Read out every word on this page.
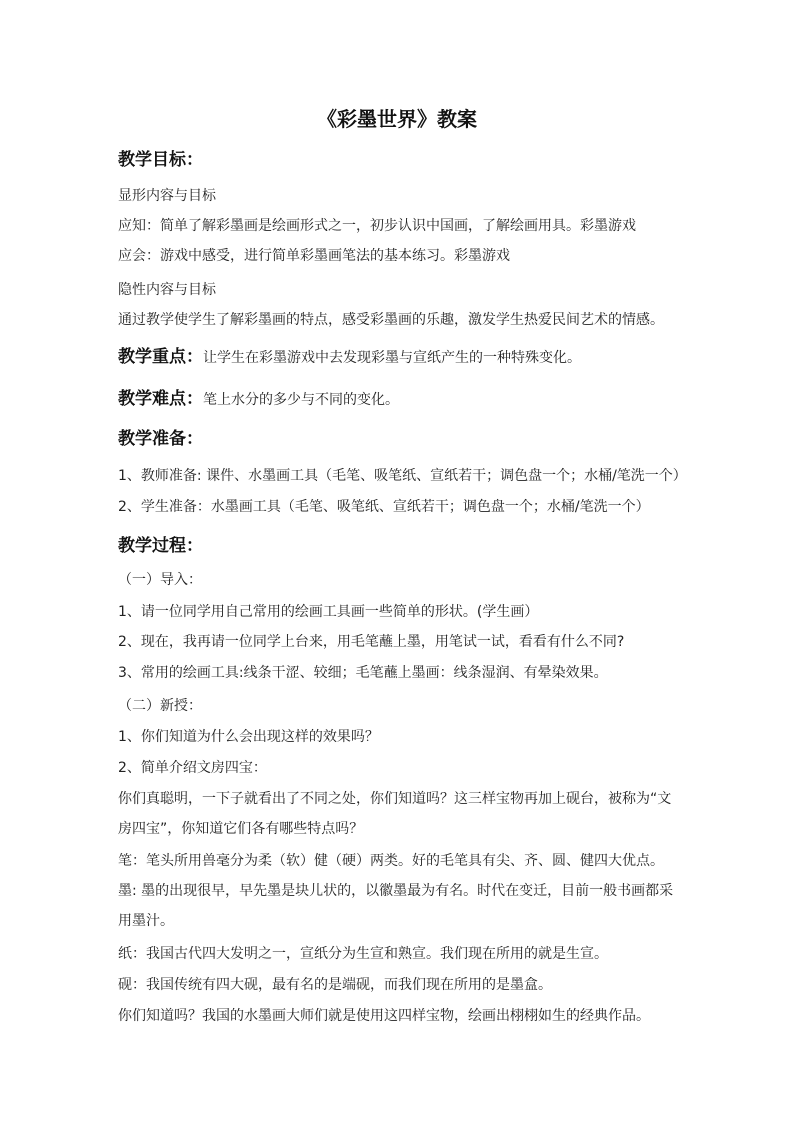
《彩墨世界》教案
教学目标：
显形内容与目标
应知：简单了解彩墨画是绘画形式之一，初步认识中国画，了解绘画用具。彩墨游戏
应会：游戏中感受，进行简单彩墨画笔法的基本练习。彩墨游戏
隐性内容与目标
通过教学使学生了解彩墨画的特点，感受彩墨画的乐趣，激发学生热爱民间艺术的情感。
教学重点：让学生在彩墨游戏中去发现彩墨与宣纸产生的一种特殊变化。
教学难点：笔上水分的多少与不同的变化。
教学准备：
1、教师准备: 课件、水墨画工具（毛笔、吸笔纸、宣纸若干；调色盘一个；水桶/笔洗一个）
2、学生准备：水墨画工具（毛笔、吸笔纸、宣纸若干；调色盘一个；水桶/笔洗一个）
教学过程：
（一）导入：
1、请一位同学用自己常用的绘画工具画一些简单的形状。(学生画）
2、现在，我再请一位同学上台来，用毛笔蘸上墨，用笔试一试，看看有什么不同?
3、常用的绘画工具:线条干涩、较细；毛笔蘸上墨画：线条湿润、有晕染效果。
（二）新授：
1、你们知道为什么会出现这样的效果吗？
2、简单介绍文房四宝：
你们真聪明，一下子就看出了不同之处，你们知道吗？这三样宝物再加上砚台，被称为“文
房四宝”，你知道它们各有哪些特点吗？
笔：笔头所用兽毫分为柔（软）健（硬）两类。好的毛笔具有尖、齐、圆、健四大优点。
墨: 墨的出现很早，早先墨是块儿状的，以徽墨最为有名。时代在变迁，目前一般书画都采
用墨汁。
纸：我国古代四大发明之一，宣纸分为生宣和熟宣。我们现在所用的就是生宣。
砚：我国传统有四大砚，最有名的是端砚，而我们现在所用的是墨盒。
你们知道吗？我国的水墨画大师们就是使用这四样宝物，绘画出栩栩如生的经典作品。
